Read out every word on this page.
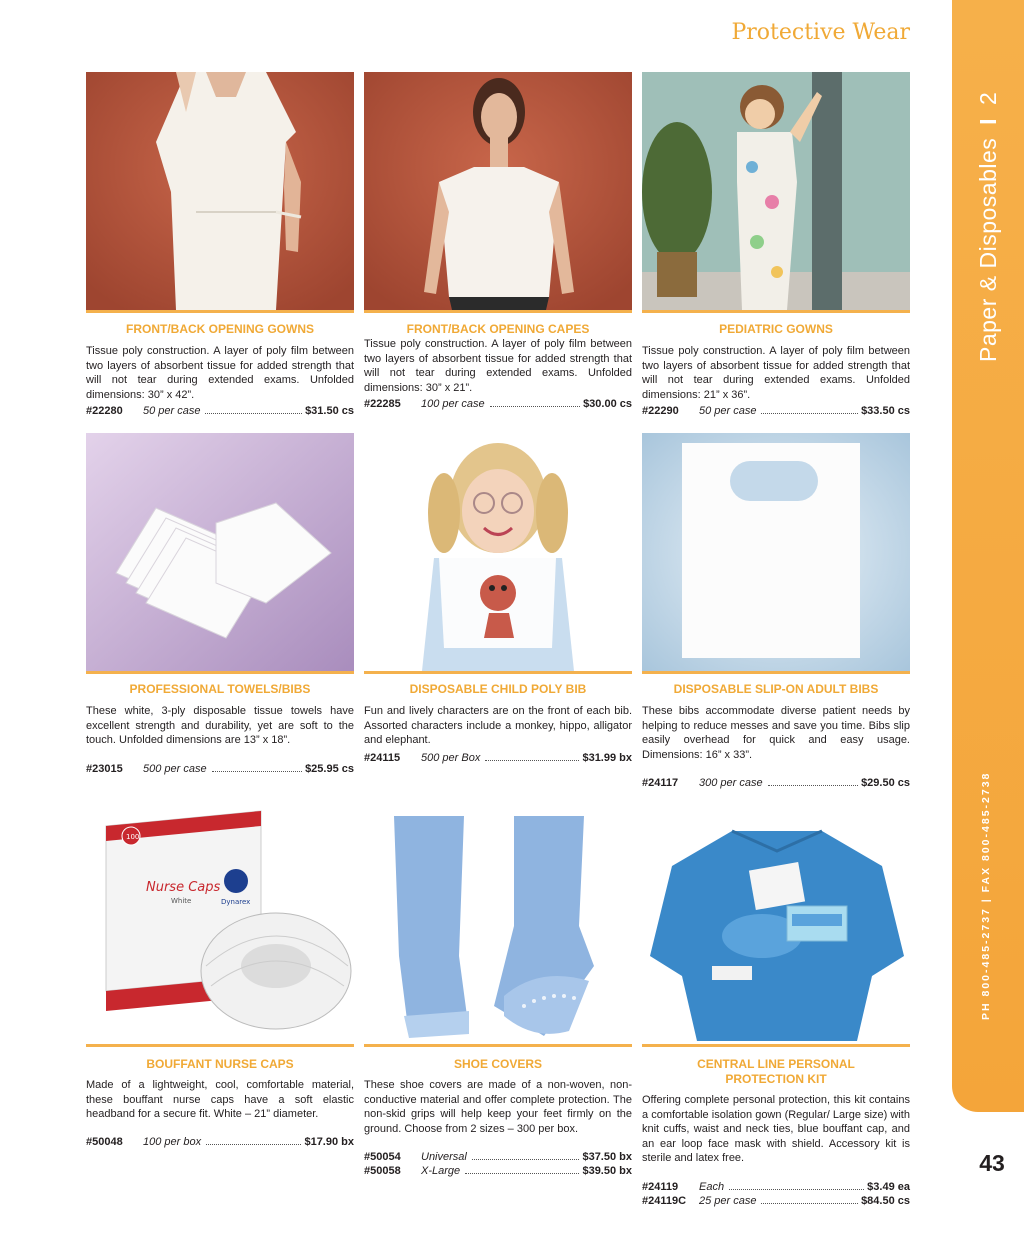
Protective Wear
Paper & Disposables I 2
PH 800-485-2737 | FAX 800-485-2738
43
FRONT/BACK OPENING GOWNS
Tissue poly construction. A layer of poly film between two layers of absorbent tissue for added strength that will not tear during extended exams. Unfolded dimensions: 30” x 42”.
#22280	50 per case	$31.50 cs
FRONT/BACK OPENING CAPES
Tissue poly construction. A layer of poly film between two layers of absorbent tissue for added strength that will not tear during extended exams. Unfolded dimensions: 30” x 21”.
#22285	100 per case	$30.00 cs
PEDIATRIC GOWNS
Tissue poly construction. A layer of poly film between two layers of absorbent tissue for added strength that will not tear during extended exams. Unfolded dimensions: 21” x 36”.
#22290	50 per case	$33.50 cs
PROFESSIONAL TOWELS/BIBS
These white, 3-ply disposable tissue towels have excellent strength and durability, yet are soft to the touch. Unfolded dimensions are 13” x 18”.
#23015	500 per case	$25.95 cs
DISPOSABLE CHILD POLY BIB
Fun and lively characters are on the front of each bib. Assorted characters include a monkey, hippo, alligator and elephant.
#24115	500 per Box	$31.99 bx
DISPOSABLE SLIP-ON ADULT BIBS
These bibs accommodate diverse patient needs by helping to reduce messes and save you time. Bibs slip easily overhead for quick and easy usage. Dimensions: 16” x 33”.
#24117	300 per case	$29.50 cs
100
Nurse Caps
White	Dynarex
BOUFFANT NURSE CAPS
Made of a lightweight, cool, comfortable material, these bouffant nurse caps have a soft elastic headband for a secure fit. White – 21” diameter.
#50048	100 per box	$17.90 bx
SHOE COVERS
These shoe covers are made of a non-woven, non-conductive material and offer complete protection. The non-skid grips will help keep your feet firmly on the ground. Choose from 2 sizes – 300 per box.
#50054	Universal	$37.50 bx
#50058	X-Large	$39.50 bx
CENTRAL LINE PERSONAL
PROTECTION KIT
Offering complete personal protection, this kit contains a comfortable isolation gown (Regular/ Large size) with knit cuffs, waist and neck ties, blue bouffant cap, and an ear loop face mask with shield. Accessory kit is sterile and latex free.
#24119	Each	$3.49 ea
#24119C	25 per case	$84.50 cs
